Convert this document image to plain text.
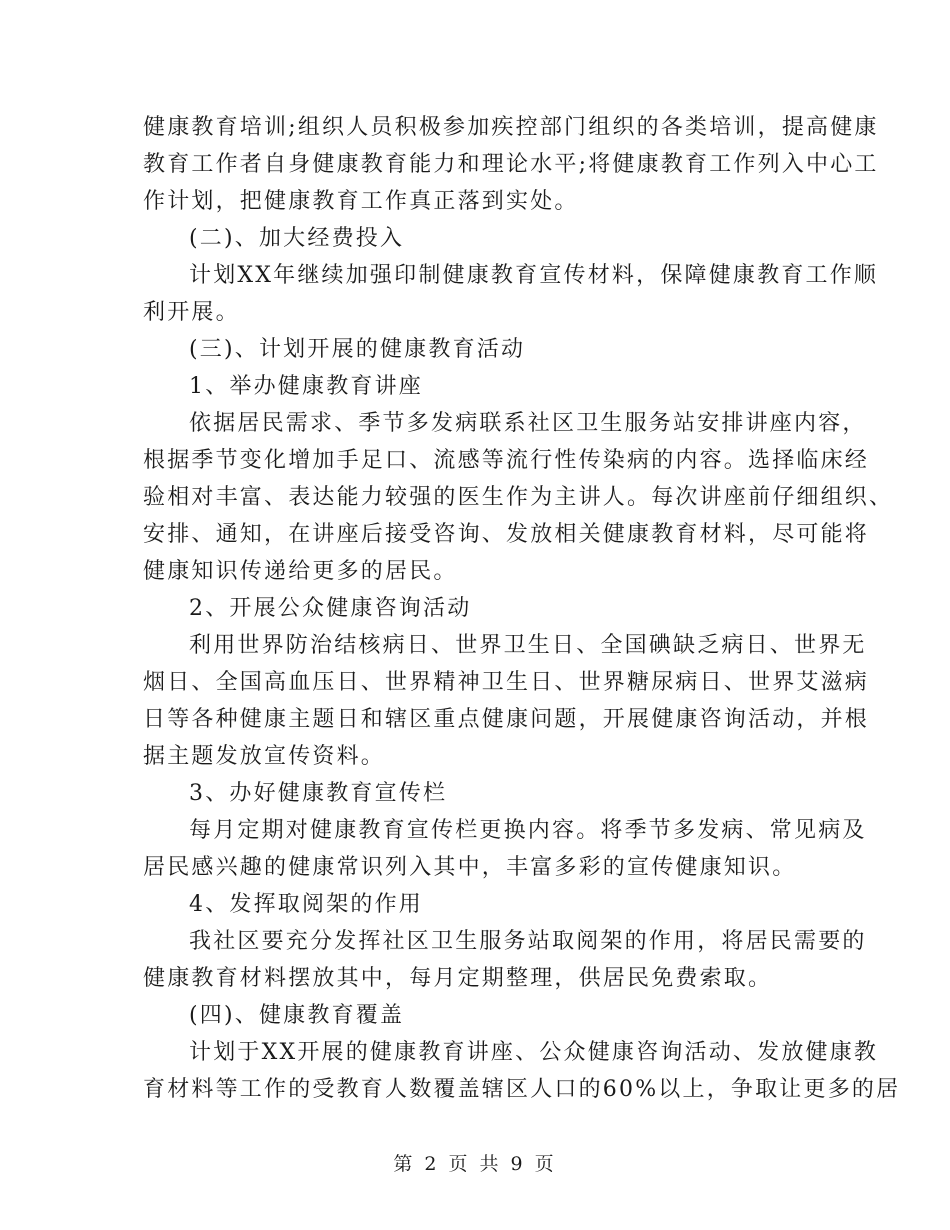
健康教育培训;组织人员积极参加疾控部门组织的各类培训，提高健康
教育工作者自身健康教育能力和理论水平;将健康教育工作列入中心工
作计划，把健康教育工作真正落到实处。
(二)、加大经费投入
计划XX年继续加强印制健康教育宣传材料，保障健康教育工作顺
利开展。
(三)、计划开展的健康教育活动
1、举办健康教育讲座
依据居民需求、季节多发病联系社区卫生服务站安排讲座内容，
根据季节变化增加手足口、流感等流行性传染病的内容。选择临床经
验相对丰富、表达能力较强的医生作为主讲人。每次讲座前仔细组织、
安排、通知，在讲座后接受咨询、发放相关健康教育材料，尽可能将
健康知识传递给更多的居民。
2、开展公众健康咨询活动
利用世界防治结核病日、世界卫生日、全国碘缺乏病日、世界无
烟日、全国高血压日、世界精神卫生日、世界糖尿病日、世界艾滋病
日等各种健康主题日和辖区重点健康问题，开展健康咨询活动，并根
据主题发放宣传资料。
3、办好健康教育宣传栏
每月定期对健康教育宣传栏更换内容。将季节多发病、常见病及
居民感兴趣的健康常识列入其中，丰富多彩的宣传健康知识。
4、发挥取阅架的作用
我社区要充分发挥社区卫生服务站取阅架的作用，将居民需要的
健康教育材料摆放其中，每月定期整理，供居民免费索取。
(四)、健康教育覆盖
计划于XX开展的健康教育讲座、公众健康咨询活动、发放健康教
育材料等工作的受教育人数覆盖辖区人口的60%以上，争取让更多的居
第 2 页 共 9 页
